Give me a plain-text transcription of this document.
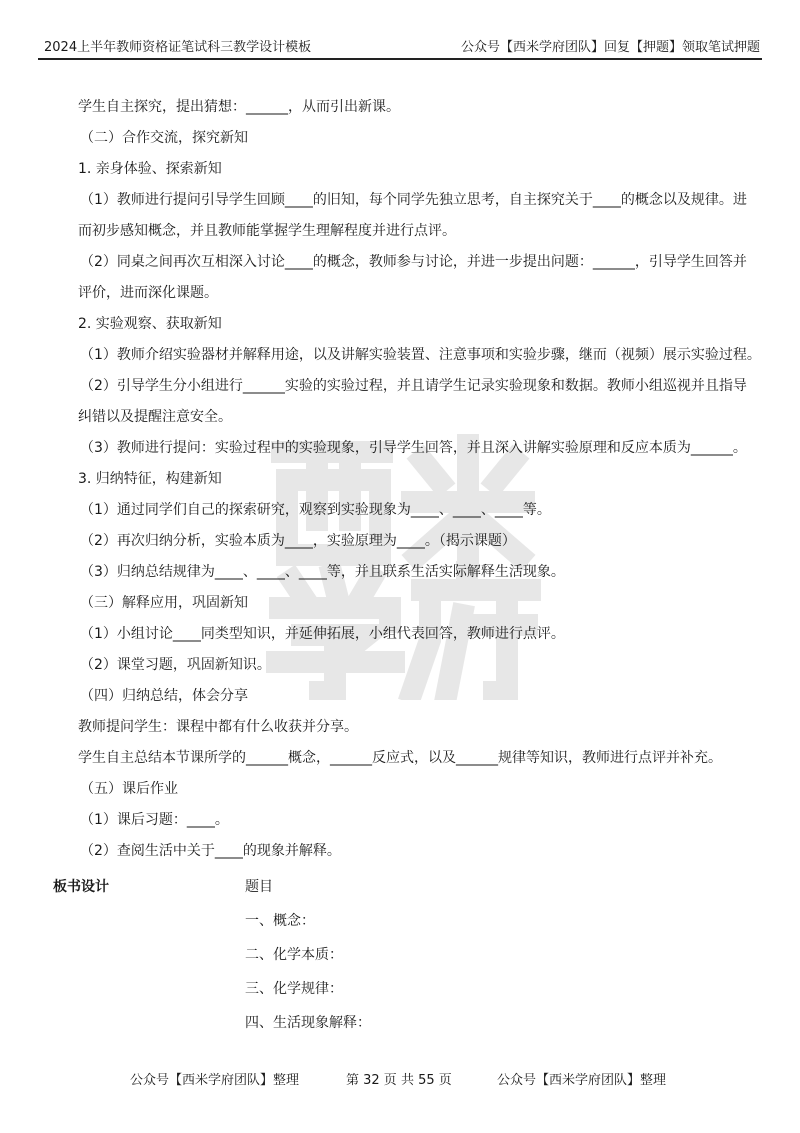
2024上半年教师资格证笔试科三教学设计模板	公众号【西米学府团队】回复【押题】领取笔试押题
学生自主探究，提出猜想：______，从而引出新课。
（二）合作交流，探究新知
1. 亲身体验、探索新知
（1）教师进行提问引导学生回顾____的旧知，每个同学先独立思考，自主探究关于____的概念以及规律。进
而初步感知概念，并且教师能掌握学生理解程度并进行点评。
（2）同桌之间再次互相深入讨论____的概念，教师参与讨论，并进一步提出问题：______，引导学生回答并
评价，进而深化课题。
2. 实验观察、获取新知
（1）教师介绍实验器材并解释用途，以及讲解实验装置、注意事项和实验步骤，继而（视频）展示实验过程。
（2）引导学生分小组进行______实验的实验过程，并且请学生记录实验现象和数据。教师小组巡视并且指导
纠错以及提醒注意安全。
（3）教师进行提问：实验过程中的实验现象，引导学生回答，并且深入讲解实验原理和反应本质为______。
3. 归纳特征，构建新知
（1）通过同学们自己的探索研究，观察到实验现象为____、____、____等。
（2）再次归纳分析，实验本质为____，实验原理为____。（揭示课题）
（3）归纳总结规律为____、____、____等，并且联系生活实际解释生活现象。
（三）解释应用，巩固新知
（1）小组讨论____同类型知识，并延伸拓展，小组代表回答，教师进行点评。
（2）课堂习题，巩固新知识。
（四）归纳总结，体会分享
教师提问学生：课程中都有什么收获并分享。
学生自主总结本节课所学的______概念，______反应式，以及______规律等知识，教师进行点评并补充。
（五）课后作业
（1）课后习题：____。
（2）查阅生活中关于____的现象并解释。
板书设计	题目
一、概念：
二、化学本质：
三、化学规律：
四、生活现象解释：
公众号【西米学府团队】整理	第 32 页 共 55 页	公众号【西米学府团队】整理
